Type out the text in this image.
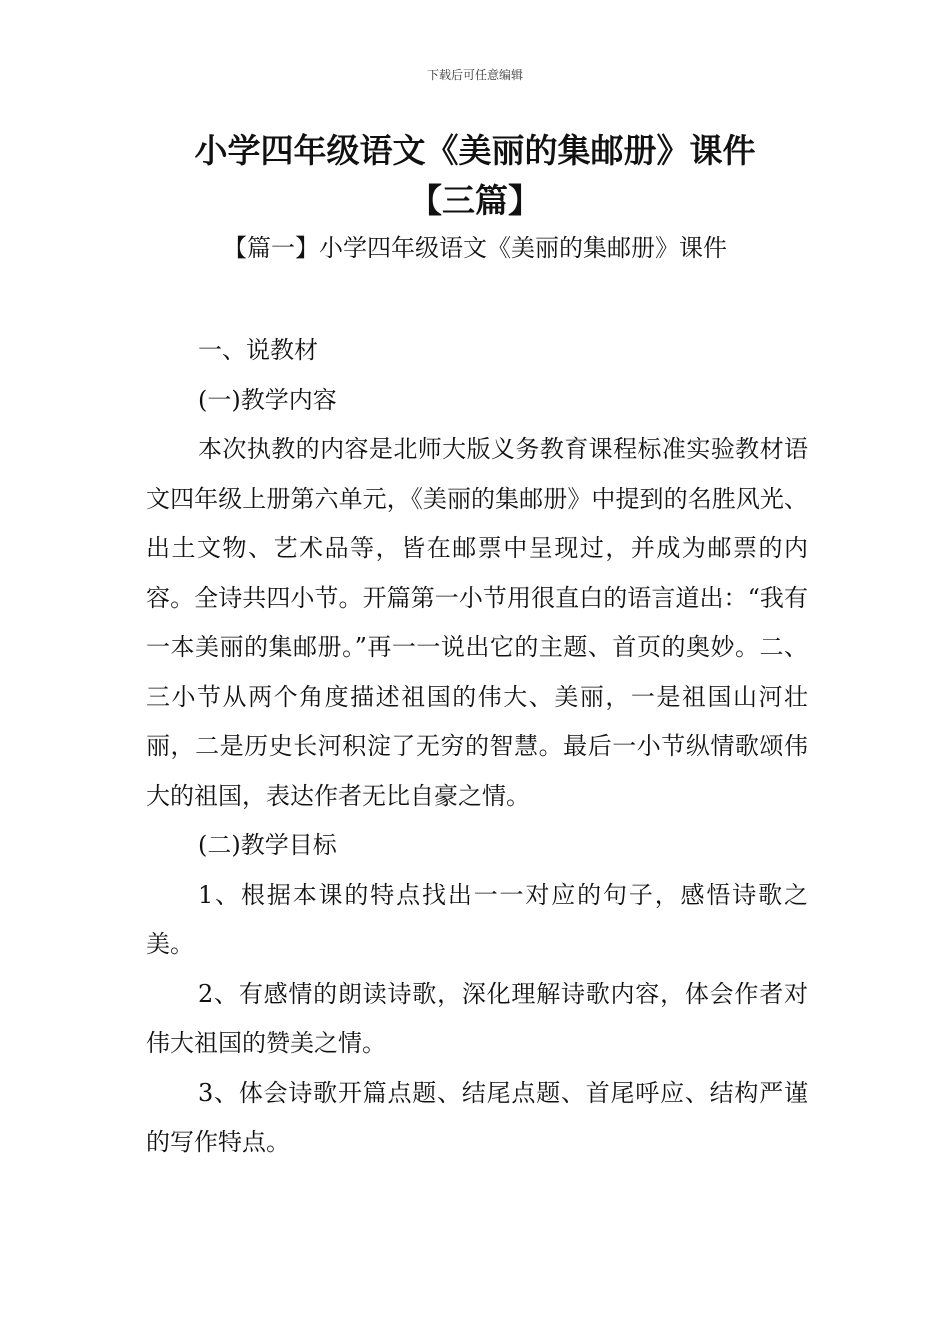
下载后可任意编辑
小学四年级语文《美丽的集邮册》课件
【三篇】
【篇一】小学四年级语文《美丽的集邮册》课件

一、说教材

(一)教学内容

本次执教的内容是北师大版义务教育课程标准实验教材语文四年级上册第六单元，《美丽的集邮册》中提到的名胜风光、出土文物、艺术品等，皆在邮票中呈现过，并成为邮票的内容。全诗共四小节。开篇第一小节用很直白的语言道出：“我有一本美丽的集邮册。”再一一说出它的主题、首页的奥妙。二、三小节从两个角度描述祖国的伟大、美丽，一是祖国山河壮丽，二是历史长河积淀了无穷的智慧。最后一小节纵情歌颂伟大的祖国，表达作者无比自豪之情。

(二)教学目标

1、根据本课的特点找出一一对应的句子，感悟诗歌之美。

2、有感情的朗读诗歌，深化理解诗歌内容，体会作者对伟大祖国的赞美之情。

3、体会诗歌开篇点题、结尾点题、首尾呼应、结构严谨的写作特点。
